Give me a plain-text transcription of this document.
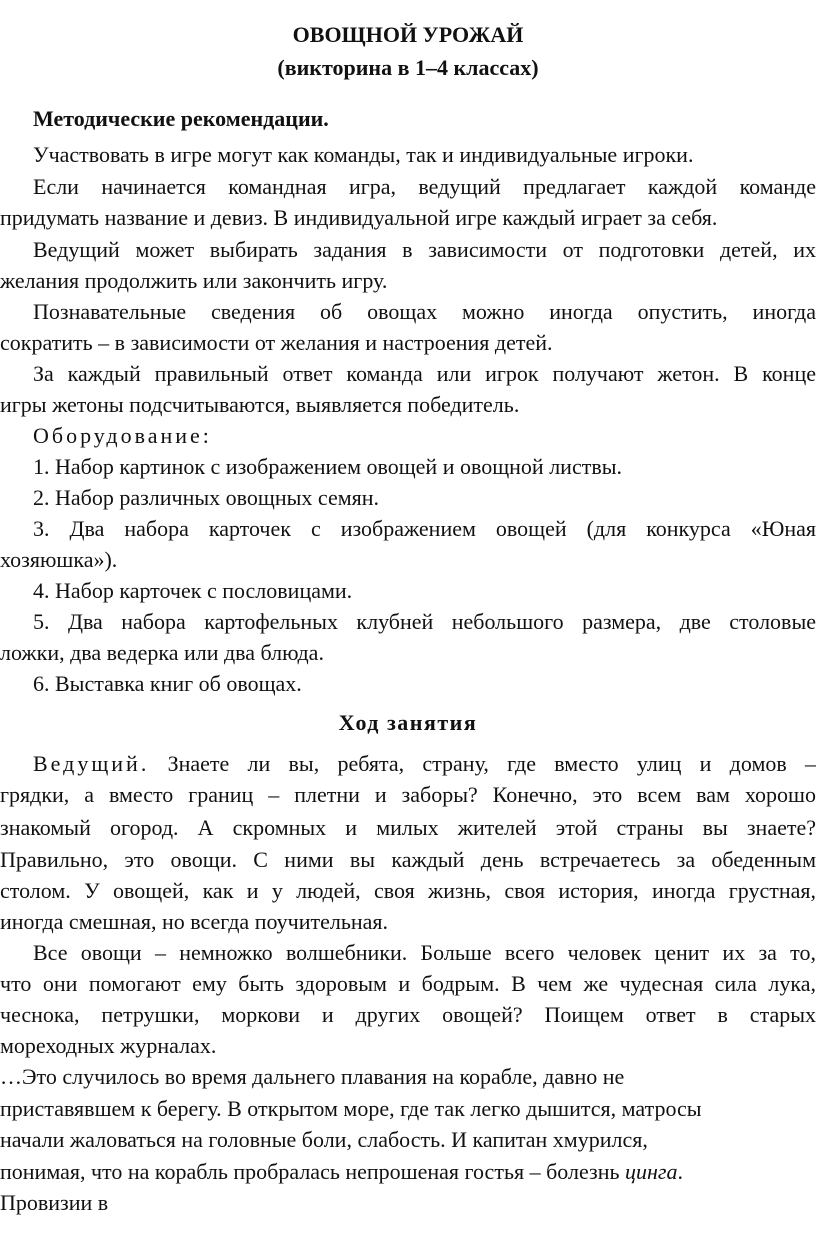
ОВОЩНОЙ УРОЖАЙ

(викторина в 1–4 классах)

Методические рекомендации.

Участвовать в игре могут как команды, так и индивидуальные игроки.

Если начинается командная игра, ведущий предлагает каждой команде

придумать название и девиз. В индивидуальной игре каждый играет за себя.

Ведущий может выбирать задания в зависимости от подготовки детей, их

желания продолжить или закончить игру.

Познавательные сведения об овощах можно иногда опустить, иногда

сократить – в зависимости от желания и настроения детей.

За каждый правильный ответ команда или игрок получают жетон. В конце

игры жетоны подсчитываются, выявляется победитель.

Оборудование:

1. Набор картинок с изображением овощей и овощной листвы.

2. Набор различных овощных семян.

3. Два набора карточек с изображением овощей (для конкурса «Юная

хозяюшка»).

4. Набор карточек с пословицами.

5. Два набора картофельных клубней небольшого размера, две столовые

ложки, два ведерка или два блюда.

6. Выставка книг об овощах.

Ход занятия

Ведущий. Знаете ли вы, ребята, страну, где вместо улиц и домов –

грядки, а вместо границ – плетни и заборы? Конечно, это всем вам хорошо

знакомый огород. А скромных и милых жителей этой страны вы знаете?

Правильно, это овощи. С ними вы каждый день встречаетесь за обеденным

столом. У овощей, как и у людей, своя жизнь, своя история, иногда грустная,

иногда смешная, но всегда поучительная.

Все овощи – немножко волшебники. Больше всего человек ценит их за то,

что они помогают ему быть здоровым и бодрым. В чем же чудесная сила лука,

чеснока, петрушки, моркови и других овощей? Поищем ответ в старых

мореходных журналах.

…Это случилось во время дальнего плавания на корабле, давно не

приставявшем к берегу. В открытом море, где так легко дышится, матросы

начали жаловаться на головные боли, слабость. И капитан хмурился,

понимая, что на корабль пробралась непрошеная гостья – болезнь цинга.

Провизии в
